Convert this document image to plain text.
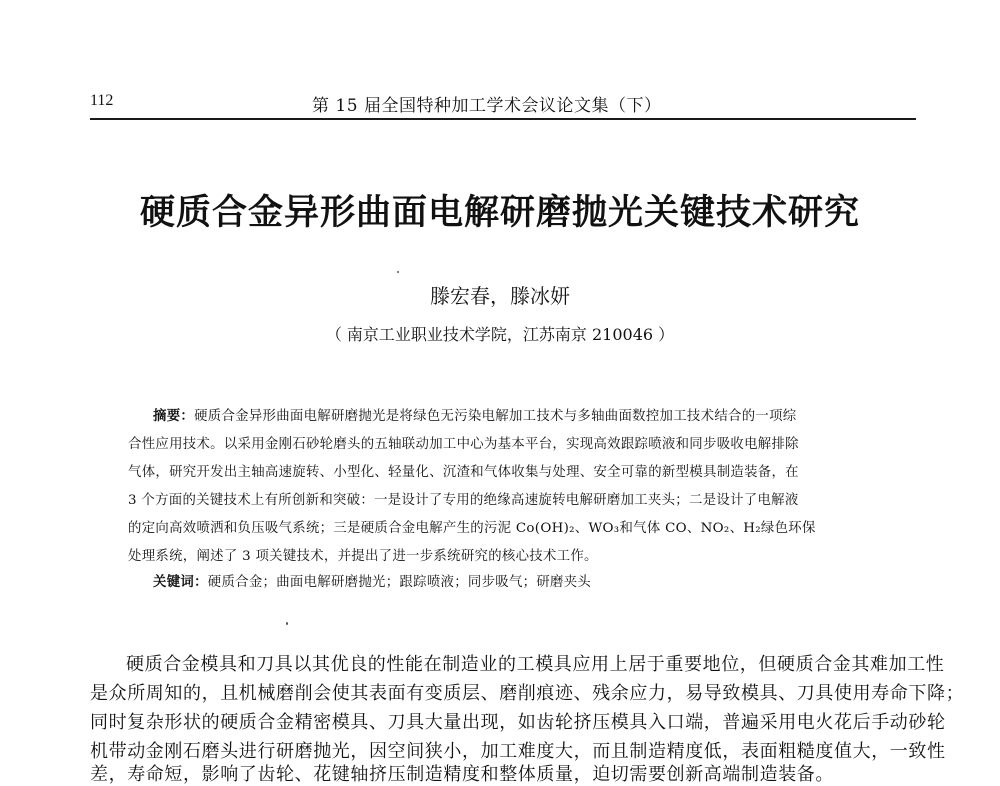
112	第 15 届全国特种加工学术会议论文集（下）
硬质合金异形曲面电解研磨抛光关键技术研究
滕宏春，滕冰妍
（ 南京工业职业技术学院，江苏南京 210046 ）
摘要：硬质合金异形曲面电解研磨抛光是将绿色无污染电解加工技术与多轴曲面数控加工技术结合的一项综
合性应用技术。以采用金刚石砂轮磨头的五轴联动加工中心为基本平台，实现高效跟踪喷液和同步吸收电解排除
气体，研究开发出主轴高速旋转、小型化、轻量化、沉渣和气体收集与处理、安全可靠的新型模具制造装备，在
3 个方面的关键技术上有所创新和突破：一是设计了专用的绝缘高速旋转电解研磨加工夹头；二是设计了电解液
的定向高效喷洒和负压吸气系统；三是硬质合金电解产生的污泥 Co(OH)₂、WO₃和气体 CO、NO₂、H₂绿色环保
处理系统，阐述了 3 项关键技术，并提出了进一步系统研究的核心技术工作。
关键词：硬质合金；曲面电解研磨抛光；跟踪喷液；同步吸气；研磨夹头
硬质合金模具和刀具以其优良的性能在制造业的工模具应用上居于重要地位，但硬质合金其难加工性
是众所周知的，且机械磨削会使其表面有变质层、磨削痕迹、残余应力，易导致模具、刀具使用寿命下降；
同时复杂形状的硬质合金精密模具、刀具大量出现，如齿轮挤压模具入口端，普遍采用电火花后手动砂轮
机带动金刚石磨头进行研磨抛光，因空间狭小，加工难度大，而且制造精度低，表面粗糙度值大，一致性
差，寿命短，影响了齿轮、花键轴挤压制造精度和整体质量，迫切需要创新高端制造装备。
